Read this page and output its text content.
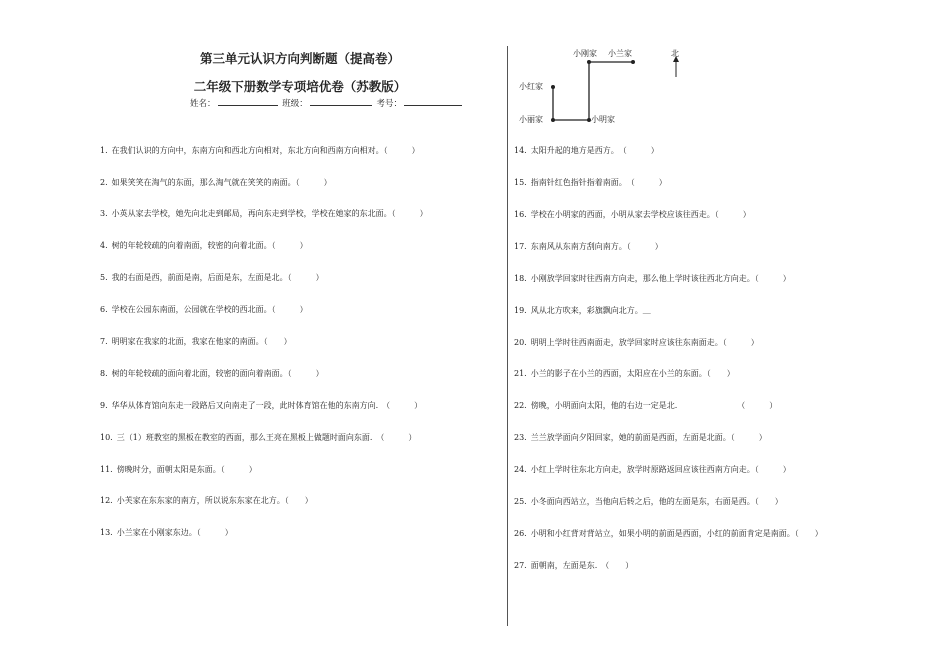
第三单元认识方向判断题（提高卷）
二年级下册数学专项培优卷（苏教版）
姓名：	班级：	考号：
小刚家 小兰家	北
小红家
小丽家	小明家
1. 在我们认识的方向中，东南方向和西北方向相对，东北方向和西南方向相对。（　　　）
2. 如果笑笑在淘气的东面，那么淘气就在笑笑的南面。（　　　）
3. 小英从家去学校，她先向北走到邮局，再向东走到学校，学校在她家的东北面。（　　　）
4. 树的年轮较疏的向着南面，较密的向着北面。（　　　）
5. 我的右面是西，前面是南，后面是东，左面是北。（　　　）
6. 学校在公园东南面，公园就在学校的西北面。（　　　）
7. 明明家在我家的北面，我家在他家的南面。（　　）
8. 树的年轮较疏的面向着北面，较密的面向着南面。（　　　）
9. 华华从体育馆向东走一段路后又向南走了一段，此时体育馆在他的东南方向.　（　　　）
10. 三（1）班教室的黑板在教室的西面，那么王亮在黑板上做题时面向东面.　（　　　）
11. 傍晚时分，面朝太阳是东面。（　　　）
12. 小芙家在东东家的南方，所以说东东家在北方。（　　）
13. 小兰家在小刚家东边。（　　　）
14. 太阳升起的地方是西方。　（　　　）
15. 指南针红色指针指着南面。　（　　　）
16. 学校在小明家的西面，小明从家去学校应该往西走。（　　　）
17. 东南风从东南方刮向南方。（　　　）
18. 小刚放学回家时往西南方向走，那么他上学时该往西北方向走。（　　　）
19. 风从北方吹来，彩旗飘向北方。＿
20. 明明上学时往西南面走，放学回家时应该往东南面走。（　　　）
21. 小兰的影子在小兰的西面，太阳应在小兰的东面。（　　）
22. 傍晚，小明面向太阳，他的右边一定是北.　　　　　　　　（　　　）
23. 兰兰放学面向夕阳回家，她的前面是西面，左面是北面。（　　　）
24. 小红上学时往东北方向走，放学时原路返回应该往西南方向走。（　　　）
25. 小冬面向西站立，当他向后转之后，他的左面是东，右面是西。（　　）
26. 小明和小红背对背站立，如果小明的前面是西面，小红的前面肯定是南面。（　　）
27. 面朝南，左面是东.　（　　）
